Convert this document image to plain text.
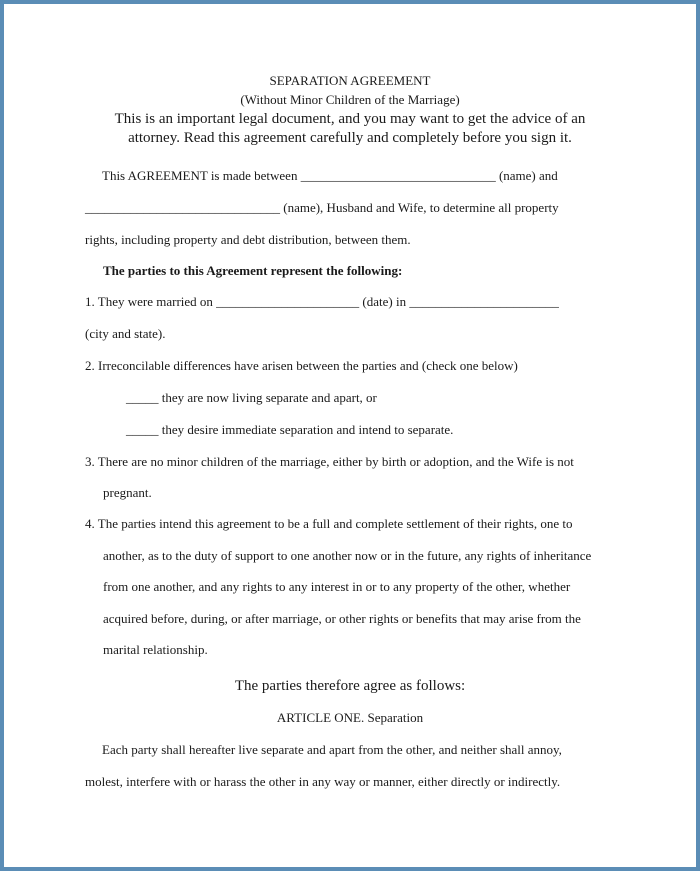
SEPARATION AGREEMENT
(Without Minor Children of the Marriage)
This is an important legal document, and you may want to get the advice of an
attorney. Read this agreement carefully and completely before you sign it.
This AGREEMENT is made between ______________________________ (name) and
______________________________ (name), Husband and Wife, to determine all property
rights, including property and debt distribution, between them.
The parties to this Agreement represent the following:
1. They were married on ______________________ (date) in _______________________
(city and state).
2. Irreconcilable differences have arisen between the parties and (check one below)
_____ they are now living separate and apart, or
_____ they desire immediate separation and intend to separate.
3. There are no minor children of the marriage, either by birth or adoption, and the Wife is not
pregnant.
4. The parties intend this agreement to be a full and complete settlement of their rights, one to
another, as to the duty of support to one another now or in the future, any rights of inheritance
from one another, and any rights to any interest in or to any property of the other, whether
acquired before, during, or after marriage, or other rights or benefits that may arise from the
marital relationship.
The parties therefore agree as follows:
ARTICLE ONE. Separation
Each party shall hereafter live separate and apart from the other, and neither shall annoy,
molest, interfere with or harass the other in any way or manner, either directly or indirectly.
